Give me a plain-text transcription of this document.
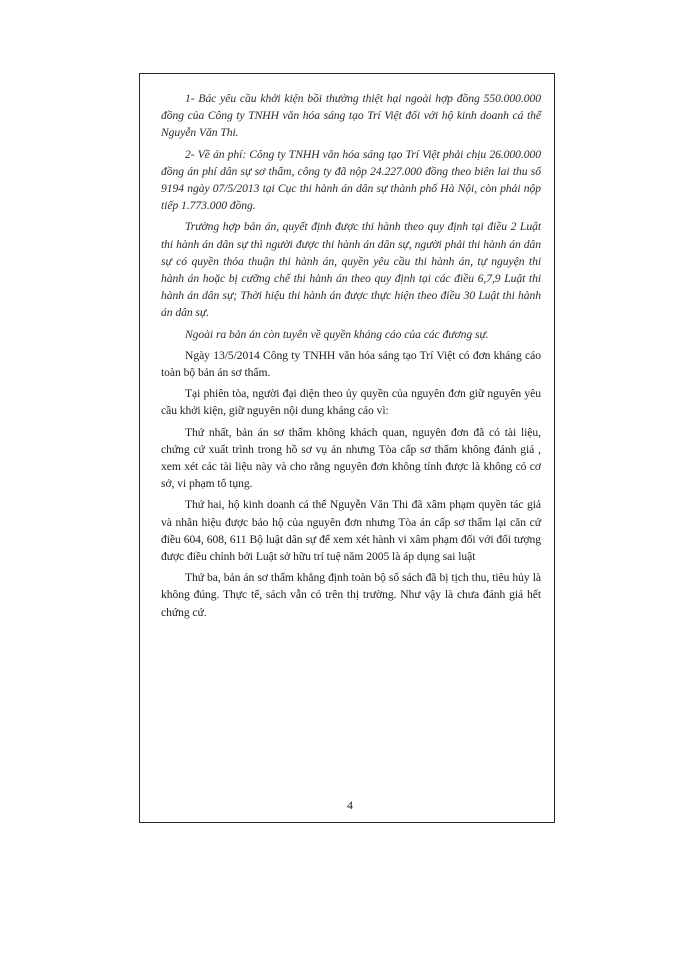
1- Bác yêu cầu khởi kiện bồi thường thiệt hại ngoài hợp đồng 550.000.000 đồng của Công ty TNHH văn hóa sáng tạo Trí Việt đối với hộ kinh doanh cá thể Nguyễn Văn Thi.

2- Về án phí: Công ty TNHH văn hóa sáng tạo Trí Việt phải chịu 26.000.000 đồng án phí dân sự sơ thẩm, công ty đã nộp 24.227.000 đồng theo biên lai thu số 9194 ngày 07/5/2013 tại Cục thi hành án dân sự thành phố Hà Nội, còn phải nộp tiếp 1.773.000 đồng.

Trường hợp bản án, quyết định được thi hành theo quy định tại điều 2 Luật thi hành án dân sự thì người được thi hành án dân sự, người phải thi hành án dân sự có quyền thỏa thuận thi hành án, quyền yêu cầu thi hành án, tự nguyện thi hành án hoặc bị cưỡng chế thi hành án theo quy định tại các điều 6,7,9 Luật thi hành án dân sự; Thời hiệu thi hành án được thực hiện theo điều 30 Luật thi hành án dân sự.

Ngoài ra bản án còn tuyên về quyền kháng cáo của các đương sự.

Ngày 13/5/2014 Công ty TNHH văn hóa sáng tạo Trí Việt có đơn kháng cáo toàn bộ bản án sơ thẩm.

Tại phiên tòa, người đại diện theo ủy quyền của nguyên đơn giữ nguyên yêu cầu khởi kiện, giữ nguyên nội dung kháng cáo vì:

Thứ nhất, bản án sơ thẩm không khách quan, nguyên đơn đã có tài liệu, chứng cứ xuất trình trong hồ sơ vụ án nhưng Tòa cấp sơ thẩm không đánh giá , xem xét các tài liệu này và cho rằng nguyên đơn không tính được là không có cơ sở, vi phạm tố tụng.

Thứ hai, hộ kinh doanh cá thể Nguyễn Văn Thi đã xâm phạm quyền tác giả và nhãn hiệu được bảo hộ của nguyên đơn nhưng Tòa án cấp sơ thẩm lại căn cứ điều 604, 608, 611 Bộ luật dân sự để xem xét hành vi xâm phạm đối với đối tượng được điều chỉnh bởi Luật sở hữu trí tuệ năm 2005 là áp dụng sai luật

Thứ ba, bản án sơ thẩm khẳng định toàn bộ số sách đã bị tịch thu, tiêu hủy là không đúng. Thực tế, sách vẫn có trên thị trường. Như vậy là chưa đánh giá hết chứng cứ.

4
